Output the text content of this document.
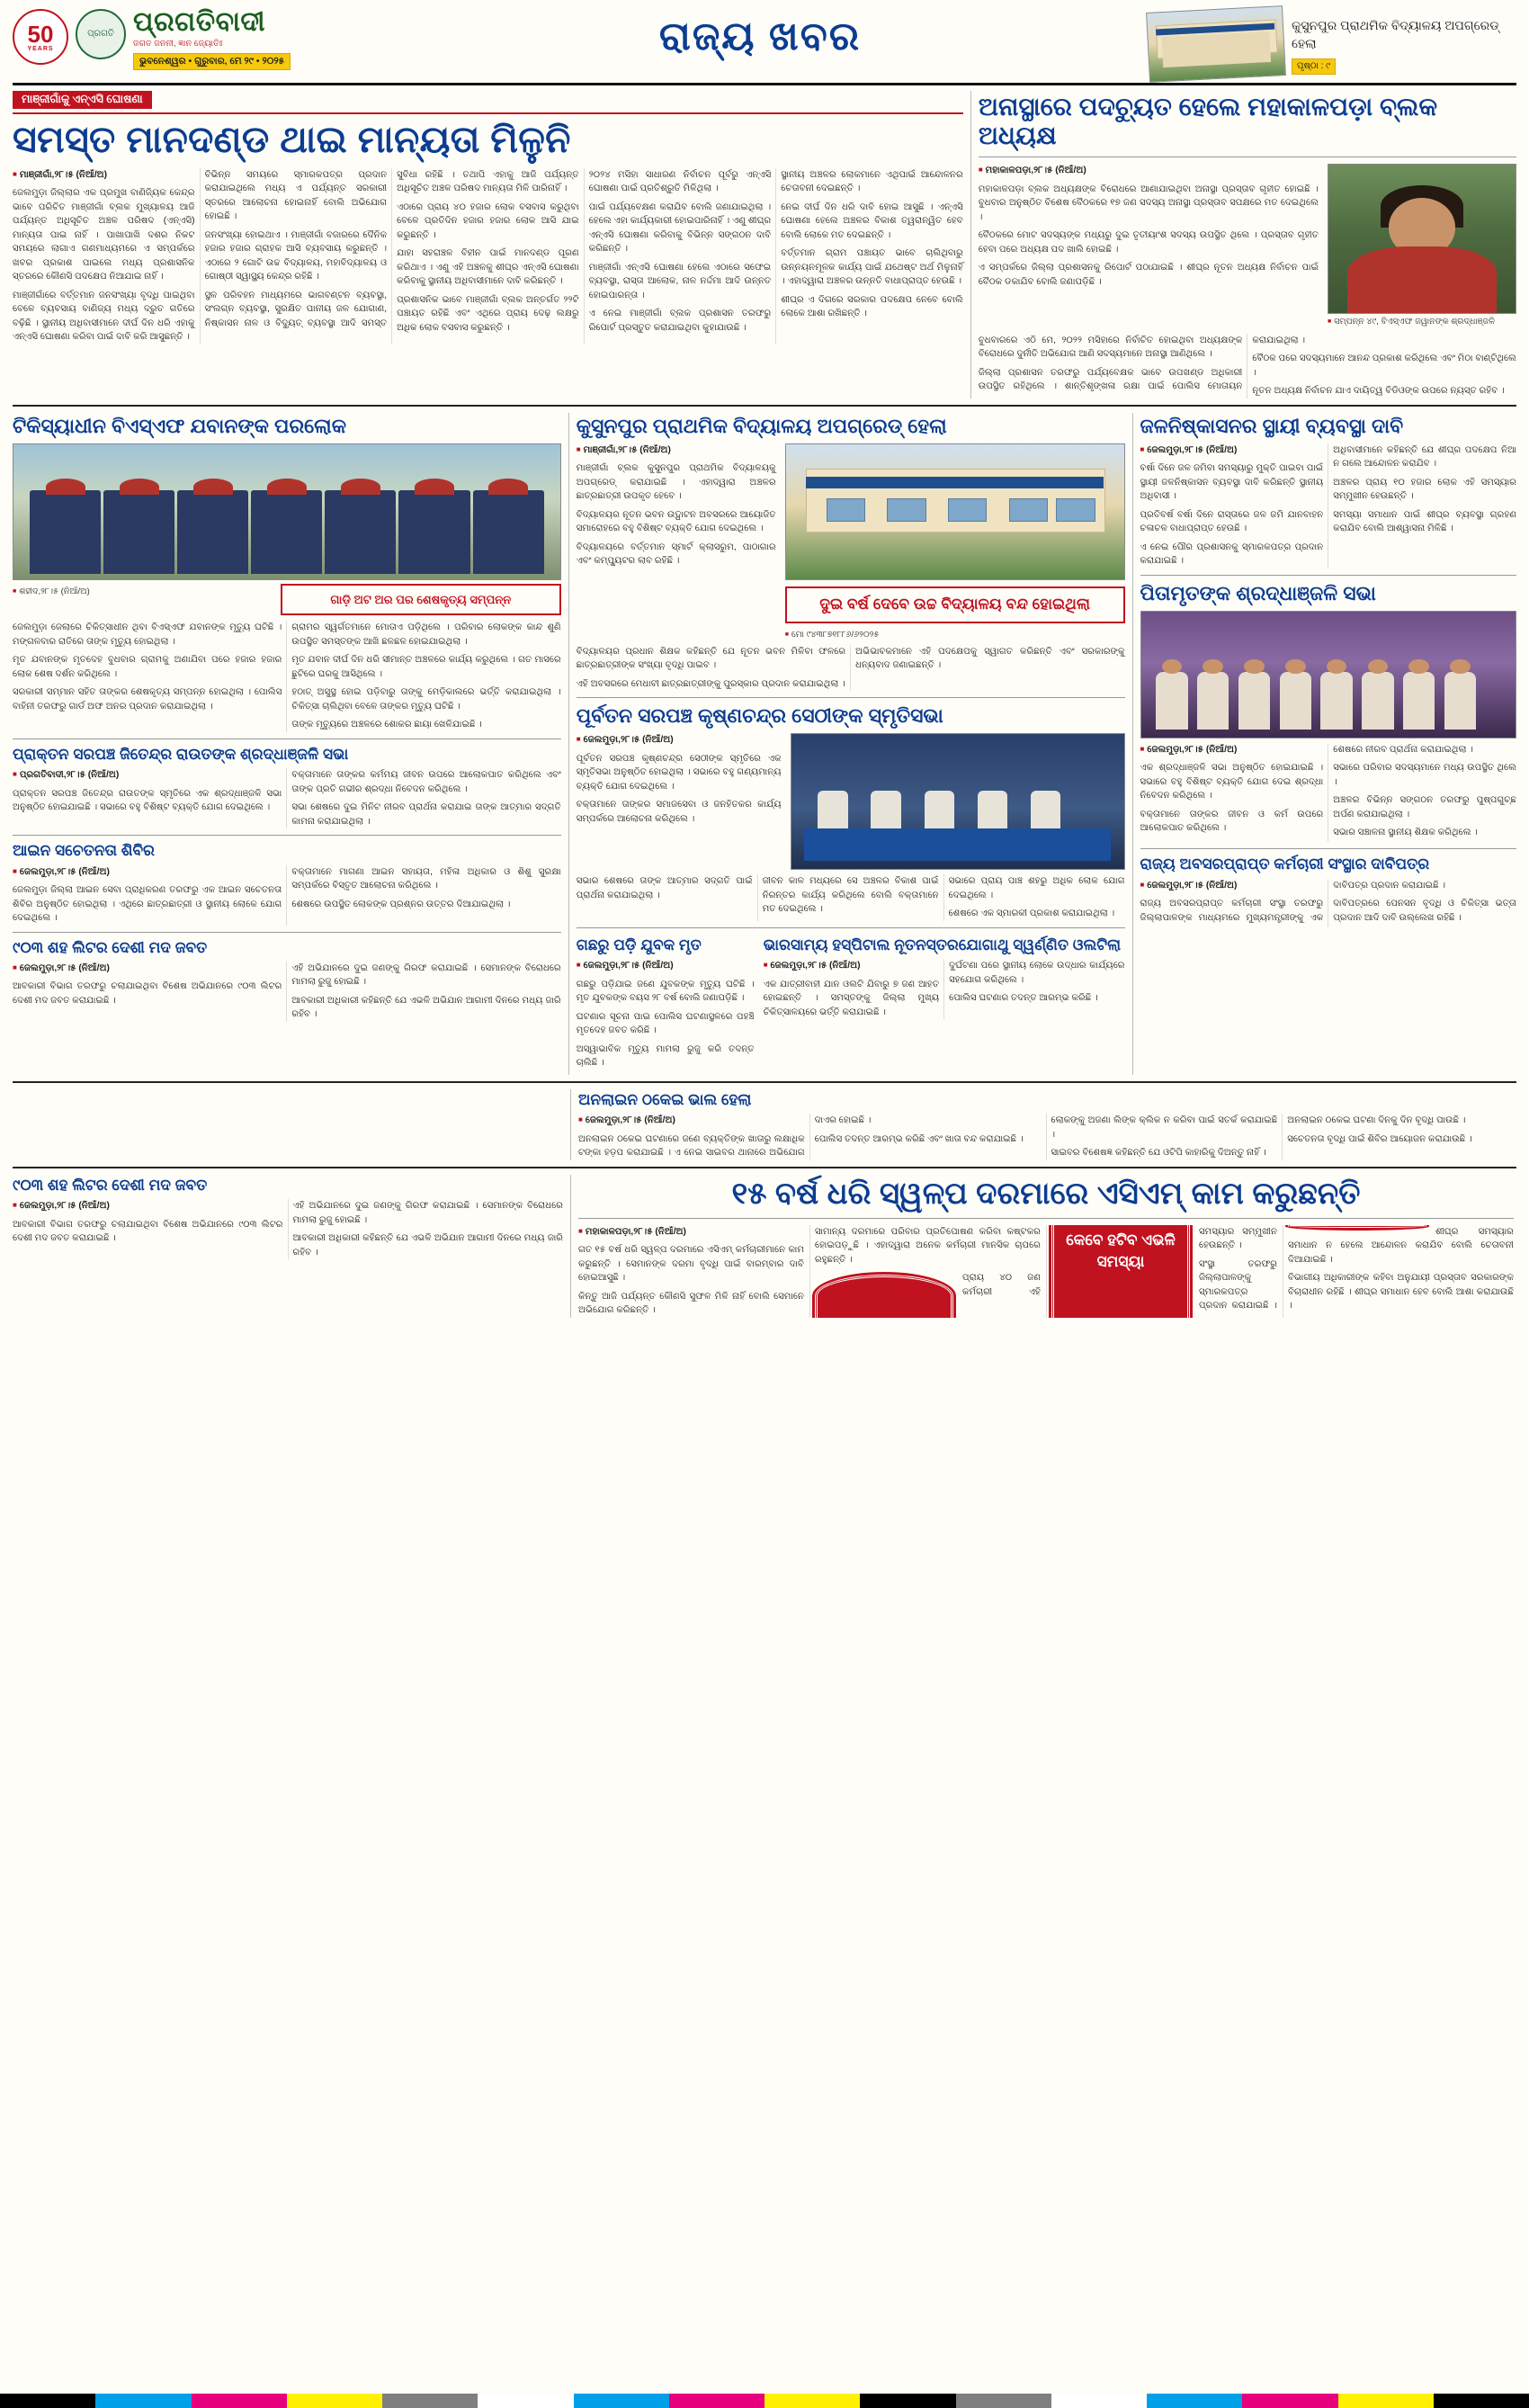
50
YEARS
ପ୍ରଗତି ପ୍ରଗତିବାଦୀ
ଜଗତ ଜନନୀ, ଜ୍ଞାନ ଜ୍ୟୋତିଃ
ଭୁବନେଶ୍ୱର • ଗୁରୁବାର, ମେ ୨୯ • ୨୦୨୫
ରାଜ୍ୟ ଖବର	କୁସୁନପୁର ପ୍ରାଥମିକ ବିଦ୍ୟାଳୟ ଅପଗ୍ରେଡ୍ ହେଲା
ପୃଷ୍ଠା : ୯
ମାଞ୍ଜୀଗାଁକୁ ଏନ୍ଏସି ଘୋଷଣା
ସମସ୍ତ ମାନଦଣ୍ଡ ଥାଇ ମାନ୍ୟତା ମିଳୁନି

■ ମାଞ୍ଜୀଗାଁ,୨୮।୫ (ନିଆଁ/ଅ)

ଜେଲମୁଡ଼ା ଜିଲ୍ଲାର ଏକ ପ୍ରମୁଖ ବାଣିଜ୍ୟିକ କେନ୍ଦ୍ର ଭାବେ ପରିଚିତ ମାଞ୍ଜୀଗାଁ ବ୍ଲକ ମୁଖ୍ୟାଳୟ ଆଜି ପର୍ଯ୍ୟନ୍ତ ଅଧିସୂଚିତ ଅଞ୍ଚଳ ପରିଷଦ (ଏନ୍ଏସି) ମାନ୍ୟତା ପାଇ ନାହିଁ । ପାଖାପାଖି ଦଶର ନିକଟ ସମୟରେ ଲାଗାଏ ଗଣମାଧ୍ୟମରେ ଏ ସମ୍ପର୍କରେ ଖବର ପ୍ରକାଶ ପାଇଲେ ମଧ୍ୟ ପ୍ରଶାସନିକ ସ୍ତରରେ କୌଣସି ପଦକ୍ଷେପ ନିଆଯାଇ ନାହିଁ ।

ମାଞ୍ଜୀଗାଁରେ ବର୍ତ୍ତମାନ ଜନସଂଖ୍ୟା ବୃଦ୍ଧି ପାଇଥିବା ବେଳେ ବ୍ୟବସାୟ ବାଣିଜ୍ୟ ମଧ୍ୟ ଦ୍ରୁତ ଗତିରେ ବଢ଼ିଛି । ସ୍ଥାନୀୟ ଅଧିବାସୀମାନେ ଦୀର୍ଘ ଦିନ ଧରି ଏହାକୁ ଏନ୍ଏସି ଘୋଷଣା କରିବା ପାଇଁ ଦାବି କରି ଆସୁଛନ୍ତି ।

ବିଭିନ୍ନ ସମୟରେ ସ୍ମାରକପତ୍ର ପ୍ରଦାନ କରାଯାଇଥିଲେ ମଧ୍ୟ ଏ ପର୍ଯ୍ୟନ୍ତ ସରକାରୀ ସ୍ତରରେ ଆଲୋଚନା ହୋଇନାହିଁ ବୋଲି ଅଭିଯୋଗ ହୋଇଛି ।

ଜନସଂଖ୍ୟା ହୋଇଥାଏ । ମାଞ୍ଜୀଗାଁ ବଜାରରେ ଦୈନିକ ହଜାର ହଜାର ଗ୍ରାହକ ଆସି ବ୍ୟବସାୟ କରୁଛନ୍ତି । ଏଠାରେ ୨ ଗୋଟି ଉଚ୍ଚ ବିଦ୍ୟାଳୟ, ମହାବିଦ୍ୟାଳୟ ଓ ଗୋଷ୍ଠୀ ସ୍ୱାସ୍ଥ୍ୟ କେନ୍ଦ୍ର ରହିଛି ।

ସ୍ଥଳ ପରିବହନ ମାଧ୍ୟମରେ ଭାଗବଣ୍ଟନ ବ୍ୟବସ୍ଥା, ସଂଲଗ୍ନ ବ୍ୟବସ୍ଥା, ସୁରକ୍ଷିତ ପାନୀୟ ଜଳ ଯୋଗାଣ, ନିଷ୍କାସନ ନାଳ ଓ ବିଦ୍ୟୁତ୍ ବ୍ୟବସ୍ଥା ଆଦି ସମସ୍ତ ସୁବିଧା ରହିଛି । ତଥାପି ଏହାକୁ ଆଜି ପର୍ଯ୍ୟନ୍ତ ଅଧିସୂଚିତ ଅଞ୍ଚଳ ପରିଷଦ ମାନ୍ୟତା ମିଳି ପାରିନାହିଁ ।

ଏଠାରେ ପ୍ରାୟ ୪୦ ହଜାର ଲୋକ ବସବାସ କରୁଥିବା ବେଳେ ପ୍ରତିଦିନ ହଜାର ହଜାର ଲୋକ ଆସି ଯାଇ କରୁଛନ୍ତି ।

ଯାହା ସହରାଞ୍ଚଳ ବିହୀନ ପାଇଁ ମାନଦଣ୍ଡ ପୂରଣ କରିଥାଏ । ଏଣୁ ଏହି ଅଞ୍ଚଳକୁ ଶୀଘ୍ର ଏନ୍ଏସି ଘୋଷଣା କରିବାକୁ ସ୍ଥାନୀୟ ଅଧିବାସୀମାନେ ଦାବି କରିଛନ୍ତି ।

ପ୍ରଶାସନିକ ଭାବେ ମାଞ୍ଜୀଗାଁ ବ୍ଲକ ଅନ୍ତର୍ଗତ ୨୨ଟି ପଞ୍ଚାୟତ ରହିଛି ଏବଂ ଏଥିରେ ପ୍ରାୟ ଦେଢ଼ ଲକ୍ଷରୁ ଅଧିକ ଲୋକ ବସବାସ କରୁଛନ୍ତି ।

୨୦୨୪ ମସିହା ସାଧାରଣ ନିର୍ବାଚନ ପୂର୍ବରୁ ଏନ୍ଏସି ଘୋଷଣା ପାଇଁ ପ୍ରତିଶ୍ରୁତି ମିଳିଥିଲା ।

ପାଇଁ ପର୍ଯ୍ୟବେକ୍ଷଣ କରାଯିବ ବୋଲି ଜଣାଯାଇଥିଲା । ହେଲେ ଏହା କାର୍ଯ୍ୟକାରୀ ହୋଇପାରିନାହିଁ । ଏଣୁ ଶୀଘ୍ର ଏନ୍ଏସି ଘୋଷଣା କରିବାକୁ ବିଭିନ୍ନ ସଙ୍ଗଠନ ଦାବି କରିଛନ୍ତି ।

ମାଞ୍ଜୀଗାଁ ଏନ୍ଏସି ଘୋଷଣା ହେଲେ ଏଠାରେ ସଫେଇ ବ୍ୟବସ୍ଥା, ରାସ୍ତା ଆଲୋକ, ନାଳ ନର୍ଦ୍ଦମା ଆଦି ଉନ୍ନତ ହୋଇପାରନ୍ତା ।

ଏ ନେଇ ମାଞ୍ଜୀଗାଁ ବ୍ଲକ ପ୍ରଶାସନ ତରଫରୁ ରିପୋର୍ଟ ପ୍ରସ୍ତୁତ କରାଯାଇଥିବା କୁହାଯାଉଛି ।

ସ୍ଥାନୀୟ ଅଞ୍ଚଳର ଲୋକମାନେ ଏଥିପାଇଁ ଆନ୍ଦୋଳନର ଚେତାବନୀ ଦେଇଛନ୍ତି ।

ନେଇ ଦୀର୍ଘ ଦିନ ଧରି ଦାବି ହୋଇ ଆସୁଛି । ଏନ୍ଏସି ଘୋଷଣା ହେଲେ ଅଞ୍ଚଳର ବିକାଶ ତ୍ୱରାନ୍ୱିତ ହେବ ବୋଲି ଲୋକେ ମତ ଦେଇଛନ୍ତି ।

ବର୍ତ୍ତମାନ ଗ୍ରାମ ପଞ୍ଚାୟତ ଭାବେ ଚାଲିଥିବାରୁ ଉନ୍ନୟନମୂଳକ କାର୍ଯ୍ୟ ପାଇଁ ଯଥେଷ୍ଟ ଅର୍ଥ ମିଳୁନାହିଁ । ଏହାଦ୍ୱାରା ଅଞ୍ଚଳର ଉନ୍ନତି ବାଧାପ୍ରାପ୍ତ ହେଉଛି ।

ଶୀଘ୍ର ଏ ଦିଗରେ ସରକାର ପଦକ୍ଷେପ ନେବେ ବୋଲି ଲୋକେ ଆଶା ରଖିଛନ୍ତି ।

ଅନାସ୍ଥାରେ ପଦଚ୍ୟୁତ ହେଲେ ମହାକାଳପଡ଼ା ବ୍ଲକ ଅଧ୍ୟକ୍ଷ

■ ମହାକାଳପଡ଼ା,୨୮।୫ (ନିଆଁ/ଅ)

ମହାକାଳପଡ଼ା ବ୍ଲକ ଅଧ୍ୟକ୍ଷଙ୍କ ବିରୋଧରେ ଆଣାଯାଇଥିବା ଅନାସ୍ଥା ପ୍ରସ୍ତାବ ଗୃହୀତ ହୋଇଛି । ବୁଧବାର ଅନୁଷ୍ଠିତ ବିଶେଷ ବୈଠକରେ ୧୭ ଜଣ ସଦସ୍ୟ ଅନାସ୍ଥା ପ୍ରସ୍ତାବ ସପକ୍ଷରେ ମତ ଦେଇଥିଲେ ।

ବୈଠକରେ ମୋଟ ସଦସ୍ୟଙ୍କ ମଧ୍ୟରୁ ଦୁଇ ତୃତୀୟାଂଶ ସଦସ୍ୟ ଉପସ୍ଥିତ ଥିଲେ । ପ୍ରସ୍ତାବ ଗୃହୀତ ହେବା ପରେ ଅଧ୍ୟକ୍ଷ ପଦ ଖାଲି ହୋଇଛି ।

ଏ ସମ୍ପର୍କରେ ଜିଲ୍ଲା ପ୍ରଶାସନକୁ ରିପୋର୍ଟ ପଠାଯାଇଛି । ଶୀଘ୍ର ନୂତନ ଅଧ୍ୟକ୍ଷ ନିର୍ବାଚନ ପାଇଁ ବୈଠକ ଡକାଯିବ ବୋଲି ଜଣାପଡ଼ିଛି ।

■ ସମ୍ପନ୍ନ ୪୯, ବିଏସ୍ଏଫ ଜୱାନଙ୍କ ଶ୍ରଦ୍ଧାଞ୍ଜଳି

ବୁଧବାରରେ ଏଠି ମେ, ୨୦୨୨ ମସିହାରେ ନିର୍ବାଚିତ ହୋଇଥିବା ଅଧ୍ୟକ୍ଷଙ୍କ ବିରୋଧରେ ଦୁର୍ନୀତି ଅଭିଯୋଗ ଆଣି ସଦସ୍ୟମାନେ ଅନାସ୍ଥା ଆଣିଥିଲେ ।

ଜିଲ୍ଲା ପ୍ରଶାସନ ତରଫରୁ ପର୍ଯ୍ୟବେକ୍ଷକ ଭାବେ ଉପଖଣ୍ଡ ଅଧିକାରୀ ଉପସ୍ଥିତ ରହିଥିଲେ । ଶାନ୍ତିଶୃଙ୍ଖଳା ରକ୍ଷା ପାଇଁ ପୋଲିସ ମୋତାୟନ କରାଯାଇଥିଲା ।

ବୈଠକ ପରେ ସଦସ୍ୟମାନେ ଆନନ୍ଦ ପ୍ରକାଶ କରିଥିଲେ ଏବଂ ମିଠା ବାଣ୍ଟିଥିଲେ ।

ନୂତନ ଅଧ୍ୟକ୍ଷ ନିର୍ବାଚନ ଯାଏ ଦାୟିତ୍ୱ ବିଡିଓଙ୍କ ଉପରେ ନ୍ୟସ୍ତ ରହିବ ।

ଟିକିସ୍ୟାଧୀନ ବିଏସ୍ଏଫ ଯବାନଙ୍କ ପରଲୋକ
■ ଶହୀଦ,୨୮।୫ (ନିଆଁ/ଅ)
ଗାଡ଼ି ଅଟ ଅର ପର ଶେଷକୃତ୍ୟ ସମ୍ପନ୍ନ

ଜେଲମୁଡ଼ା ଜେଲାରେ ଚିକିତ୍ସାଧୀନ ଥିବା ବିଏସ୍ଏଫ ଯବାନଙ୍କ ମୃତ୍ୟୁ ଘଟିଛି । ମଙ୍ଗଳବାର ରାତିରେ ତାଙ୍କ ମୃତ୍ୟୁ ହୋଇଥିଲା ।

ମୃତ ଯବାନଙ୍କ ମୃତଦେହ ବୁଧବାର ଗ୍ରାମକୁ ଅଣାଯିବା ପରେ ହଜାର ହଜାର ଲୋକ ଶେଷ ଦର୍ଶନ କରିଥିଲେ ।

ସରକାରୀ ସମ୍ମାନ ସହିତ ତାଙ୍କର ଶେଷକୃତ୍ୟ ସମ୍ପନ୍ନ ହୋଇଥିଲା । ପୋଲିସ ବାହିନୀ ତରଫରୁ ଗାର୍ଡ ଅଫ ଅନର ପ୍ରଦାନ କରାଯାଇଥିଲା ।

ଗ୍ରାମର ସ୍ୱର୍ଗତମାନେ ମୋତାଏ ପଡ଼ିଥିଲେ । ପରିବାର ଲୋକଙ୍କ କାନ୍ଦ ଶୁଣି ଉପସ୍ଥିତ ସମସ୍ତଙ୍କ ଆଖି ଛଳଛଳ ହୋଇଯାଇଥିଲା ।

ମୃତ ଯବାନ ଦୀର୍ଘ ଦିନ ଧରି ସୀମାନ୍ତ ଅଞ୍ଚଳରେ କାର୍ଯ୍ୟ କରୁଥିଲେ । ଗତ ମାସରେ ଛୁଟିରେ ଘରକୁ ଆସିଥିଲେ ।

ହଠାତ୍ ଅସୁସ୍ଥ ହୋଇ ପଡ଼ିବାରୁ ତାଙ୍କୁ ମେଡ଼ିକାଲରେ ଭର୍ତ୍ତି କରାଯାଇଥିଲା । ଚିକିତ୍ସା ଚାଲିଥିବା ବେଳେ ତାଙ୍କର ମୃତ୍ୟୁ ଘଟିଛି ।

ତାଙ୍କ ମୃତ୍ୟୁରେ ଅଞ୍ଚଳରେ ଶୋକର ଛାୟା ଖେଳିଯାଇଛି ।

ପ୍ରାକ୍ତନ ସରପଞ୍ଚ ଜିତେନ୍ଦ୍ର ରାଉତଙ୍କ ଶ୍ରଦ୍ଧାଞ୍ଜଳି ସଭା

■ ପ୍ରଗତିବାଦୀ,୨୮।୫ (ନିଆଁ/ଅ)

ପ୍ରାକ୍ତନ ସରପଞ୍ଚ ଜିତେନ୍ଦ୍ର ରାଉତଙ୍କ ସ୍ମୃତିରେ ଏକ ଶ୍ରଦ୍ଧାଞ୍ଜଳି ସଭା ଅନୁଷ୍ଠିତ ହୋଇଯାଇଛି । ସଭାରେ ବହୁ ବିଶିଷ୍ଟ ବ୍ୟକ୍ତି ଯୋଗ ଦେଇଥିଲେ ।

ବକ୍ତାମାନେ ତାଙ୍କର କର୍ମମୟ ଜୀବନ ଉପରେ ଆଲୋକପାତ କରିଥିଲେ ଏବଂ ତାଙ୍କ ପ୍ରତି ଗଭୀର ଶ୍ରଦ୍ଧା ନିବେଦନ କରିଥିଲେ ।

ସଭା ଶେଷରେ ଦୁଇ ମିନିଟ ନୀରବ ପ୍ରାର୍ଥନା କରାଯାଇ ତାଙ୍କ ଆତ୍ମାର ସଦ୍ଗତି କାମନା କରାଯାଇଥିଲା ।

ଆଇନ ସଚେତନତା ଶିବିର

■ ଜେଲମୁଡ଼ା,୨୮।୫ (ନିଆଁ/ଅ)

ଜେଲମୁଡ଼ା ଜିଲ୍ଲା ଆଇନ ସେବା ପ୍ରାଧିକରଣ ତରଫରୁ ଏକ ଆଇନ ସଚେତନତା ଶିବିର ଅନୁଷ୍ଠିତ ହୋଇଥିଲା । ଏଥିରେ ଛାତ୍ରଛାତ୍ରୀ ଓ ସ୍ଥାନୀୟ ଲୋକେ ଯୋଗ ଦେଇଥିଲେ ।

ବକ୍ତାମାନେ ମାଗଣା ଆଇନ ସହାୟତା, ମହିଳା ଅଧିକାର ଓ ଶିଶୁ ସୁରକ୍ଷା ସମ୍ପର୍କରେ ବିସ୍ତୃତ ଆଲୋଚନା କରିଥିଲେ ।

ଶେଷରେ ଉପସ୍ଥିତ ଲୋକଙ୍କ ପ୍ରଶ୍ନର ଉତ୍ତର ଦିଆଯାଇଥିଲା ।

୯୦୩ ଶହ ଲିଟର ଦେଶୀ ମଦ ଜବତ

■ ଜେଲମୁଡ଼ା,୨୮।୫ (ନିଆଁ/ଅ)

ଆବକାରୀ ବିଭାଗ ତରଫରୁ ଚଲାଯାଇଥିବା ବିଶେଷ ଅଭିଯାନରେ ୯୦୩ ଲିଟର ଦେଶୀ ମଦ ଜବତ କରାଯାଇଛି ।

ଏହି ଅଭିଯାନରେ ଦୁଇ ଜଣଙ୍କୁ ଗିରଫ କରାଯାଇଛି । ସେମାନଙ୍କ ବିରୋଧରେ ମାମଲା ରୁଜୁ ହୋଇଛି ।

ଆବକାରୀ ଅଧିକାରୀ କହିଛନ୍ତି ଯେ ଏଭଳି ଅଭିଯାନ ଆଗାମୀ ଦିନରେ ମଧ୍ୟ ଜାରି ରହିବ ।

କୁସୁନପୁର ପ୍ରାଥମିକ ବିଦ୍ୟାଳୟ ଅପଗ୍ରେଡ୍ ହେଲା

■ ମାଞ୍ଜୀଗାଁ,୨୮।୫ (ନିଆଁ/ଅ)

ମାଞ୍ଜୀଗାଁ ବ୍ଲକ କୁସୁନପୁର ପ୍ରାଥମିକ ବିଦ୍ୟାଳୟକୁ ଅପଗ୍ରେଡ୍ କରାଯାଇଛି । ଏହାଦ୍ୱାରା ଅଞ୍ଚଳର ଛାତ୍ରଛାତ୍ରୀ ଉପକୃତ ହେବେ ।

ବିଦ୍ୟାଳୟର ନୂତନ ଭବନ ଉଦ୍ଘାଟନ ଅବସରରେ ଆୟୋଜିତ ସମାରୋହରେ ବହୁ ବିଶିଷ୍ଟ ବ୍ୟକ୍ତି ଯୋଗ ଦେଇଥିଲେ ।

ବିଦ୍ୟାଳୟରେ ବର୍ତ୍ତମାନ ସ୍ମାର୍ଟ କ୍ଲାସରୁମ, ପାଠାଗାର ଏବଂ କମ୍ପ୍ୟୁଟର ଲାବ ରହିଛି ।

ଦୁଇ ବର୍ଷ ଦେବେ ଉଚ୍ଚ ବିଦ୍ୟାଳୟ ବନ୍ଦ ହୋଇଥିଲା
■ ମୋ ୯୪୩୮୭୧୮୮୬/୬୨୦୨୫

ବିଦ୍ୟାଳୟର ପ୍ରଧାନ ଶିକ୍ଷକ କହିଛନ୍ତି ଯେ ନୂତନ ଭବନ ମିଳିବା ଫଳରେ ଛାତ୍ରଛାତ୍ରୀଙ୍କ ସଂଖ୍ୟା ବୃଦ୍ଧି ପାଇବ ।

ଏହି ଅବସରରେ ମେଧାବୀ ଛାତ୍ରଛାତ୍ରୀଙ୍କୁ ପୁରସ୍କାର ପ୍ରଦାନ କରାଯାଇଥିଲା ।

ଅଭିଭାବକମାନେ ଏହି ପଦକ୍ଷେପକୁ ସ୍ୱାଗତ କରିଛନ୍ତି ଏବଂ ସରକାରଙ୍କୁ ଧନ୍ୟବାଦ ଜଣାଇଛନ୍ତି ।

ପୂର୍ବତନ ସରପଞ୍ଚ କୃଷ୍ଣଚନ୍ଦ୍ର ସେଠୀଙ୍କ ସ୍ମୃତିସଭା

■ ଜେଲମୁଡ଼ା,୨୮।୫ (ନିଆଁ/ଅ)

ପୂର୍ବତନ ସରପଞ୍ଚ କୃଷ୍ଣଚନ୍ଦ୍ର ସେଠୀଙ୍କ ସ୍ମୃତିରେ ଏକ ସ୍ମୃତିସଭା ଅନୁଷ୍ଠିତ ହୋଇଥିଲା । ସଭାରେ ବହୁ ଗଣ୍ୟମାନ୍ୟ ବ୍ୟକ୍ତି ଯୋଗ ଦେଇଥିଲେ ।

ବକ୍ତାମାନେ ତାଙ୍କର ସମାଜସେବା ଓ ଜନହିତକର କାର୍ଯ୍ୟ ସମ୍ପର୍କରେ ଆଲୋଚନା କରିଥିଲେ ।

ସଭାର ଶେଷରେ ତାଙ୍କ ଆତ୍ମାର ସଦ୍ଗତି ପାଇଁ ପ୍ରାର୍ଥନା କରାଯାଇଥିଲା ।

ଜୀବନ କାଳ ମଧ୍ୟରେ ସେ ଅଞ୍ଚଳର ବିକାଶ ପାଇଁ ନିରନ୍ତର କାର୍ଯ୍ୟ କରିଥିଲେ ବୋଲି ବକ୍ତାମାନେ ମତ ଦେଇଥିଲେ ।

ସଭାରେ ପ୍ରାୟ ପାଞ୍ଚ ଶହରୁ ଅଧିକ ଲୋକ ଯୋଗ ଦେଇଥିଲେ ।

ଶେଷରେ ଏକ ସ୍ମାରକୀ ପ୍ରକାଶ କରାଯାଇଥିଲା ।

ଗଛରୁ ପଡ଼ି ଯୁବକ ମୃତ

■ ଜେଲମୁଡ଼ା,୨୮।୫ (ନିଆଁ/ଅ)

ଗଛରୁ ପଡ଼ିଯାଇ ଜଣେ ଯୁବକଙ୍କ ମୃତ୍ୟୁ ଘଟିଛି । ମୃତ ଯୁବକଙ୍କ ବୟସ ୨୮ ବର୍ଷ ବୋଲି ଜଣାପଡ଼ିଛି ।

ଘଟଣାର ସୂଚନା ପାଇ ପୋଲିସ ଘଟଣାସ୍ଥଳରେ ପହଞ୍ଚି ମୃତଦେହ ଜବତ କରିଛି ।

ଅସ୍ୱାଭାବିକ ମୃତ୍ୟୁ ମାମଲା ରୁଜୁ କରି ତଦନ୍ତ ଚାଲିଛି ।

ଭାରସାମ୍ୟ ହସ୍ପିଟାଲ ନୂତନସ୍ତରଯୋଗାଥୁ ସ୍ୱର୍ଣ୍ଣିତ ଓଲଟିଲା

■ ଜେଲମୁଡ଼ା,୨୮।୫ (ନିଆଁ/ଅ)

ଏକ ଯାତ୍ରୀବାହୀ ଯାନ ଓଲଟି ଯିବାରୁ ୭ ଜଣ ଆହତ ହୋଇଛନ୍ତି । ସମସ୍ତଙ୍କୁ ଜିଲ୍ଲା ମୁଖ୍ୟ ଚିକିତ୍ସାଳୟରେ ଭର୍ତ୍ତି କରାଯାଇଛି ।

ଦୁର୍ଘଟଣା ପରେ ସ୍ଥାନୀୟ ଲୋକେ ଉଦ୍ଧାର କାର୍ଯ୍ୟରେ ସହଯୋଗ କରିଥିଲେ ।

ପୋଲିସ ଘଟଣାର ତଦନ୍ତ ଆରମ୍ଭ କରିଛି ।

ଜଳନିଷ୍କାସନର ସ୍ଥାୟୀ ବ୍ୟବସ୍ଥା ଦାବି

■ ଜେଲମୁଡ଼ା,୨୮।୫ (ନିଆଁ/ଅ)

ବର୍ଷା ଦିନେ ଜଳ ଜମିବା ସମସ୍ୟାରୁ ମୁକ୍ତି ପାଇବା ପାଇଁ ସ୍ଥାୟୀ ଜଳନିଷ୍କାସନ ବ୍ୟବସ୍ଥା ଦାବି କରିଛନ୍ତି ସ୍ଥାନୀୟ ଅଧିବାସୀ ।

ପ୍ରତିବର୍ଷ ବର୍ଷା ଦିନେ ରାସ୍ତାରେ ଜଳ ଜମି ଯାନବାହନ ଚଳାଚଳ ବାଧାପ୍ରାପ୍ତ ହେଉଛି ।

ଏ ନେଇ ପୌର ପ୍ରଶାସନକୁ ସ୍ମାରକପତ୍ର ପ୍ରଦାନ କରାଯାଇଛି ।

ଅଧିବାସୀମାନେ କହିଛନ୍ତି ଯେ ଶୀଘ୍ର ପଦକ୍ଷେପ ନିଆ ନ ଗଲେ ଆନ୍ଦୋଳନ କରାଯିବ ।

ଅଞ୍ଚଳର ପ୍ରାୟ ୧୦ ହଜାର ଲୋକ ଏହି ସମସ୍ୟାର ସମ୍ମୁଖୀନ ହେଉଛନ୍ତି ।

ସମସ୍ୟା ସମାଧାନ ପାଇଁ ଶୀଘ୍ର ବ୍ୟବସ୍ଥା ଗ୍ରହଣ କରାଯିବ ବୋଲି ଆଶ୍ୱାସନା ମିଳିଛି ।

ପିତାମୃତଙ୍କ ଶ୍ରଦ୍ଧାଞ୍ଜଳି ସଭା

■ ଜେଲମୁଡ଼ା,୨୮।୫ (ନିଆଁ/ଅ)

ଏକ ଶ୍ରଦ୍ଧାଞ୍ଜଳି ସଭା ଅନୁଷ୍ଠିତ ହୋଇଯାଇଛି । ସଭାରେ ବହୁ ବିଶିଷ୍ଟ ବ୍ୟକ୍ତି ଯୋଗ ଦେଇ ଶ୍ରଦ୍ଧା ନିବେଦନ କରିଥିଲେ ।

ବକ୍ତାମାନେ ତାଙ୍କର ଜୀବନ ଓ କର୍ମ ଉପରେ ଆଲୋକପାତ କରିଥିଲେ ।

ଶେଷରେ ନୀରବ ପ୍ରାର୍ଥନା କରାଯାଇଥିଲା ।

ସଭାରେ ପରିବାର ସଦସ୍ୟମାନେ ମଧ୍ୟ ଉପସ୍ଥିତ ଥିଲେ ।

ଅଞ୍ଚଳର ବିଭିନ୍ନ ସଙ୍ଗଠନ ତରଫରୁ ପୁଷ୍ପଗୁଚ୍ଛ ଅର୍ପଣ କରାଯାଇଥିଲା ।

ସଭାର ସଞ୍ଚାଳନା ସ୍ଥାନୀୟ ଶିକ୍ଷକ କରିଥିଲେ ।

ରାଜ୍ୟ ଅବସରପ୍ରାପ୍ତ କର୍ମଚାରୀ ସଂସ୍ଥାର ଦାବିପତ୍ର

■ ଜେଲମୁଡ଼ା,୨୮।୫ (ନିଆଁ/ଅ)

ରାଜ୍ୟ ଅବସରପ୍ରାପ୍ତ କର୍ମଚାରୀ ସଂସ୍ଥା ତରଫରୁ ଜିଲ୍ଲାପାଳଙ୍କ ମାଧ୍ୟମରେ ମୁଖ୍ୟମନ୍ତ୍ରୀଙ୍କୁ ଏକ ଦାବିପତ୍ର ପ୍ରଦାନ କରାଯାଇଛି ।

ଦାବିପତ୍ରରେ ପେନସନ ବୃଦ୍ଧି ଓ ଚିକିତ୍ସା ଭତ୍ତା ପ୍ରଦାନ ଆଦି ଦାବି ଉଲ୍ଲେଖ ରହିଛି ।

ଅନଲାଇନ ଠକେଇ ଭାଲ ହେଲା

■ ଜେଲମୁଡ଼ା,୨୮।୫ (ନିଆଁ/ଅ)

ଅନଲାଇନ ଠକେଇ ଘଟଣାରେ ଜଣେ ବ୍ୟକ୍ତିଙ୍କ ଖାତାରୁ ଲକ୍ଷାଧିକ ଟଙ୍କା ହଡ଼ପ କରାଯାଇଛି । ଏ ନେଇ ସାଇବର ଥାନାରେ ଅଭିଯୋଗ ଦାଏର ହୋଇଛି ।

ପୋଲିସ ତଦନ୍ତ ଆରମ୍ଭ କରିଛି ଏବଂ ଖାତା ବନ୍ଦ କରାଯାଇଛି ।

ଲୋକଙ୍କୁ ଅଜଣା ଲିଙ୍କ କ୍ଲିକ ନ କରିବା ପାଇଁ ସତର୍କ କରାଯାଇଛି ।

ସାଇବର ବିଶେଷଜ୍ଞ କହିଛନ୍ତି ଯେ ଓଟିପି କାହାରିକୁ ଦିଅନ୍ତୁ ନାହିଁ ।

ଅନଲାଇନ ଠକେଇ ଘଟଣା ଦିନକୁ ଦିନ ବୃଦ୍ଧି ପାଉଛି ।

ସଚେତନତା ବୃଦ୍ଧି ପାଇଁ ଶିବିର ଆୟୋଜନ କରାଯାଉଛି ।

୯୦୩ ଶହ ଲିଟର ଦେଶୀ ମଦ ଜବତ

■ ଜେଲମୁଡ଼ା,୨୮।୫ (ନିଆଁ/ଅ)

ଆବକାରୀ ବିଭାଗ ତରଫରୁ ଚଲାଯାଇଥିବା ବିଶେଷ ଅଭିଯାନରେ ୯୦୩ ଲିଟର ଦେଶୀ ମଦ ଜବତ କରାଯାଇଛି ।

ଏହି ଅଭିଯାନରେ ଦୁଇ ଜଣଙ୍କୁ ଗିରଫ କରାଯାଇଛି । ସେମାନଙ୍କ ବିରୋଧରେ ମାମଲା ରୁଜୁ ହୋଇଛି ।

ଆବକାରୀ ଅଧିକାରୀ କହିଛନ୍ତି ଯେ ଏଭଳି ଅଭିଯାନ ଆଗାମୀ ଦିନରେ ମଧ୍ୟ ଜାରି ରହିବ ।

୧୫ ବର୍ଷ ଧରି ସ୍ୱଳ୍ପ ଦରମାରେ ଏସିଏମ୍ କାମ କରୁଛନ୍ତି

■ ମହାକାଳପଡ଼ା,୨୮।୫ (ନିଆଁ/ଅ)

ଗତ ୧୫ ବର୍ଷ ଧରି ସ୍ୱଳ୍ପ ଦରମାରେ ଏସିଏମ୍ କର୍ମଚାରୀମାନେ କାମ କରୁଛନ୍ତି । ସେମାନଙ୍କ ଦରମା ବୃଦ୍ଧି ପାଇଁ ବାରମ୍ବାର ଦାବି ହୋଇଆସୁଛି ।

କିନ୍ତୁ ଆଜି ପର୍ଯ୍ୟନ୍ତ କୌଣସି ସୁଫଳ ମିଳି ନାହିଁ ବୋଲି ସେମାନେ ଅଭିଯୋଗ କରିଛନ୍ତି ।

ସାମାନ୍ୟ ଦରମାରେ ପରିବାର ପ୍ରତିପୋଷଣ କରିବା କଷ୍ଟକର ହୋଇପଡ଼ୁଛି । ଏହାଦ୍ୱାରା ଅନେକ କର୍ମଚାରୀ ମାନସିକ ଚାପରେ ରହୁଛନ୍ତି ।

କେବେ ହଟିବ ଏଭଳି ସମସ୍ୟା

ପ୍ରାୟ ୪୦ ଜଣ କର୍ମଚାରୀ ଏହି ସମସ୍ୟାର ସମ୍ମୁଖୀନ ହେଉଛନ୍ତି ।

ସଂସ୍ଥା ତରଫରୁ ଜିଲ୍ଲାପାଳଙ୍କୁ ସ୍ମାରକପତ୍ର ପ୍ରଦାନ କରାଯାଇଛି । ଶୀଘ୍ର ସମସ୍ୟାର ସମାଧାନ ନ ହେଲେ ଆନ୍ଦୋଳନ କରାଯିବ ବୋଲି ଚେତାବନୀ ଦିଆଯାଇଛି ।

ବିଭାଗୀୟ ଅଧିକାରୀଙ୍କ କହିବା ଅନୁଯାୟୀ ପ୍ରସ୍ତାବ ସରକାରଙ୍କ ବିଚାରାଧୀନ ରହିଛି । ଶୀଘ୍ର ସମାଧାନ ହେବ ବୋଲି ଆଶା କରାଯାଉଛି ।
